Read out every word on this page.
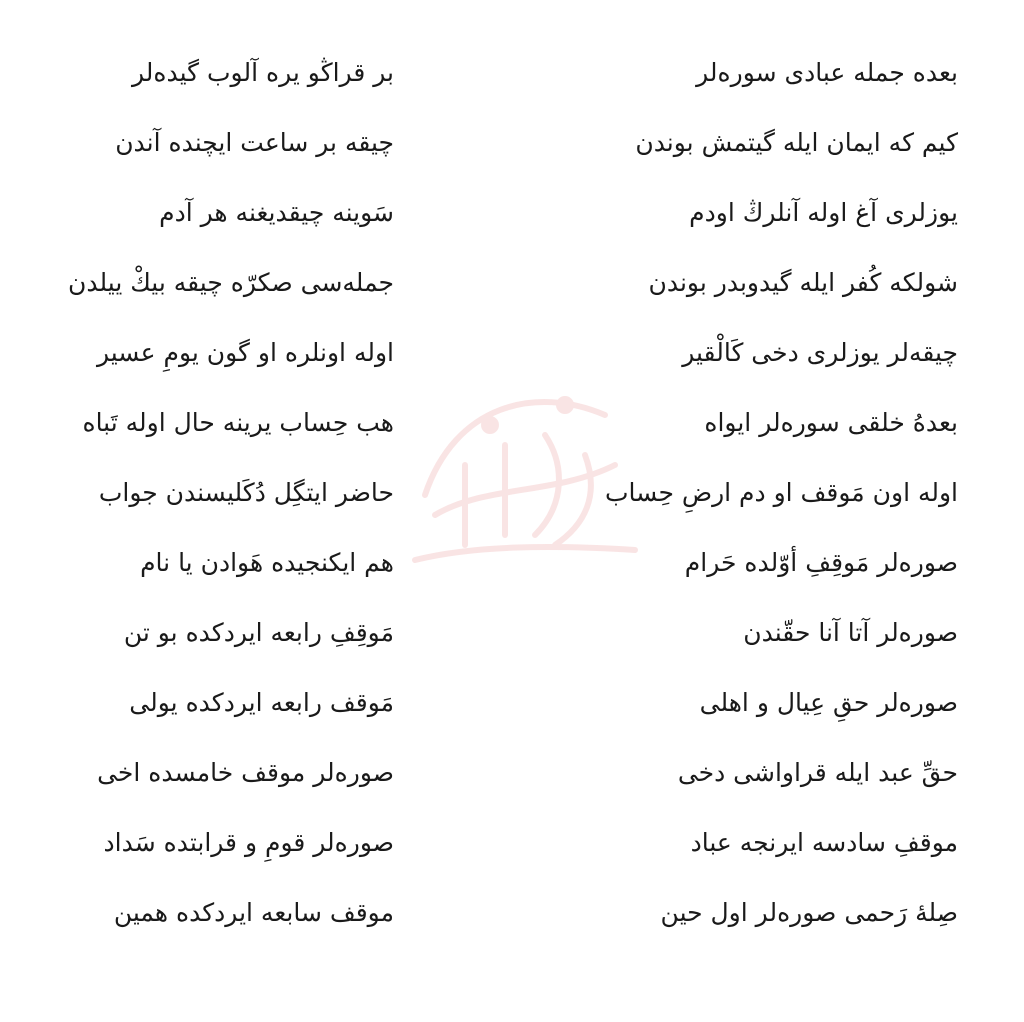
بعده جمله عبادی سوره‌لر
بر قراڭو یره آلوب گیده‌لر
کیم که ایمان ایله گیتمش بوندن
چیقه بر ساعت ایچنده آندن
یوزلری آغ اوله آنلرڭ اودم
سَوینه چیقدیغنه هر آدم
شولکه کُفر ایله گیدوبدر بوندن
جمله‌سی صکرّه چیقه بیكْ ییلدن
چیقه‌لر یوزلری دخی کَالْقیر
اوله اونلره او گون یومِ عسیر
بعدهُ خلقی سوره‌لر ایواه
هب حِساب یرینه حال اوله تَباه
اوله اون مَوقف او دم ارضِ حِساب
حاضر ایتگِل دُکَلیسندن جواب
صوره‌لر مَوقِفِ أوّلده حَرام
هم ایکنجیده هَوادن یا نام
صوره‌لر آتا آنا حقّندن
مَوقِفِ رابعه ایردکده بو تن
صوره‌لر حقِ عِیال و اهلی
مَوقف رابعه ایردکده یولی
حقِّ عبد ایله قراواشی دخی
صوره‌لر موقف خامسده اخی
موقفِ سادسه ایرنجه عباد
صوره‌لر قومِ و قرابتده سَداد
صِلهٔ رَحمی صوره‌لر اول حین
موقف سابعه ایردکده همین
